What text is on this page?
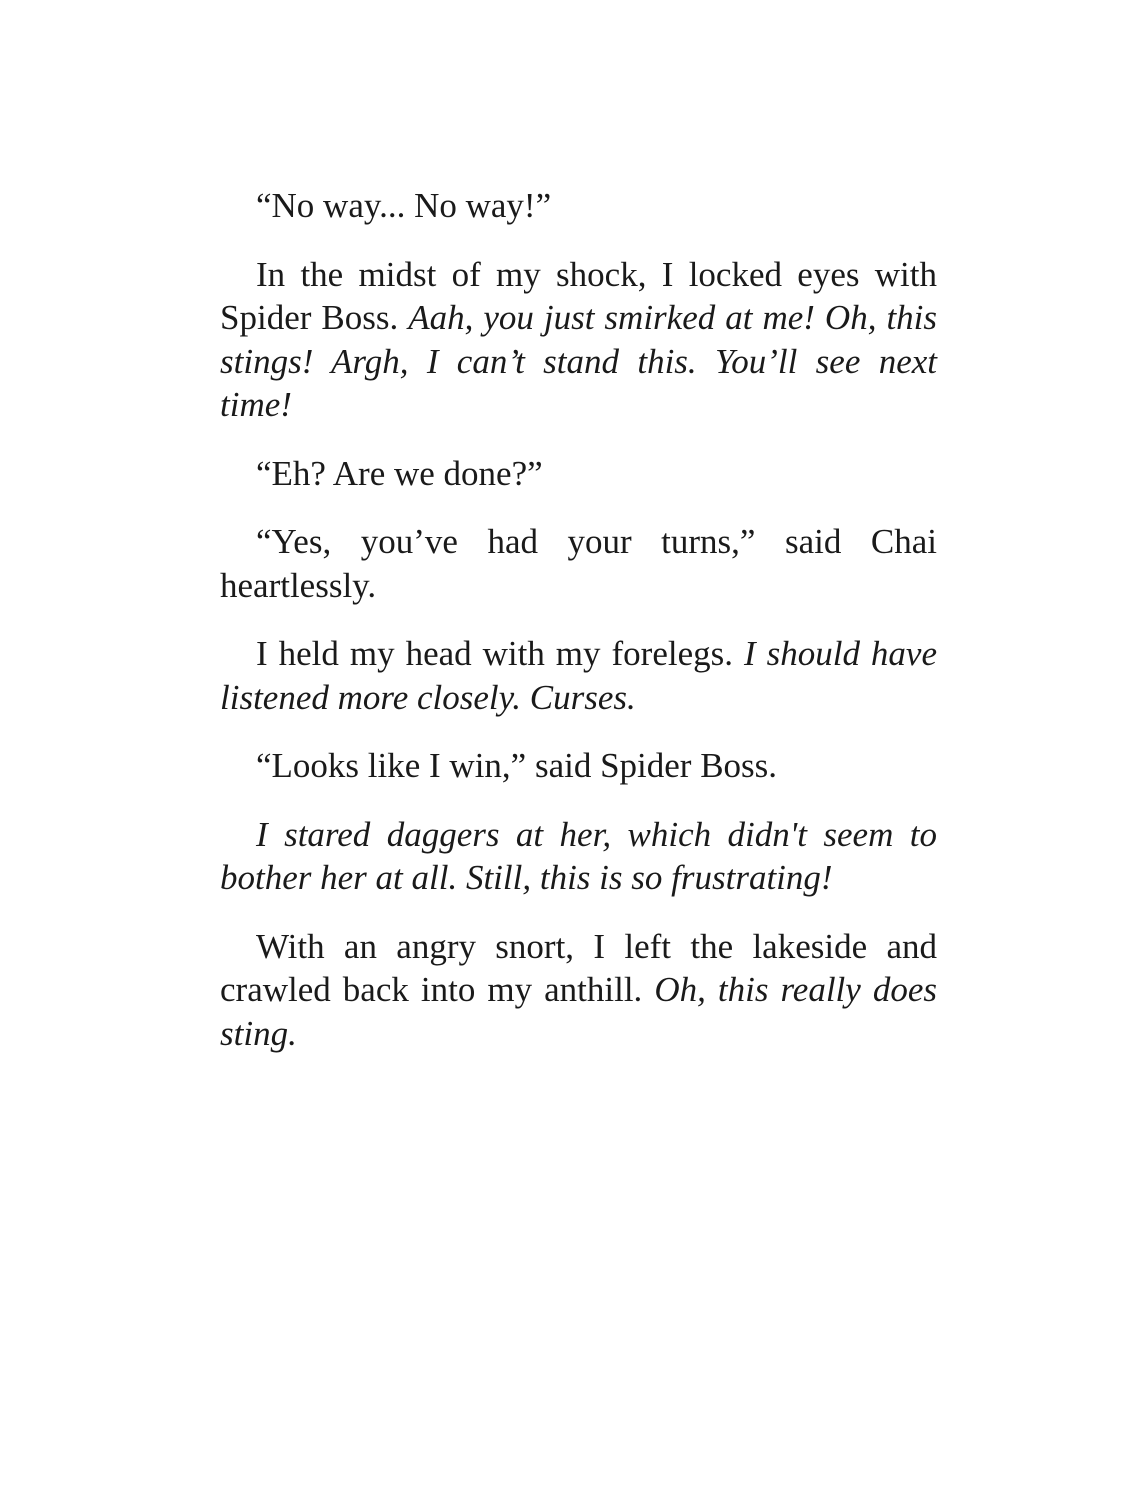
“No way... No way!”

In the midst of my shock, I locked eyes with Spider Boss. Aah, you just smirked at me! Oh, this stings! Argh, I can’t stand this. You’ll see next time!

“Eh? Are we done?”

“Yes, you’ve had your turns,” said Chai heartlessly.

I held my head with my forelegs. I should have listened more closely. Curses.

“Looks like I win,” said Spider Boss.

I stared daggers at her, which didn't seem to bother her at all. Still, this is so frustrating!

With an angry snort, I left the lakeside and crawled back into my anthill. Oh, this really does sting.
